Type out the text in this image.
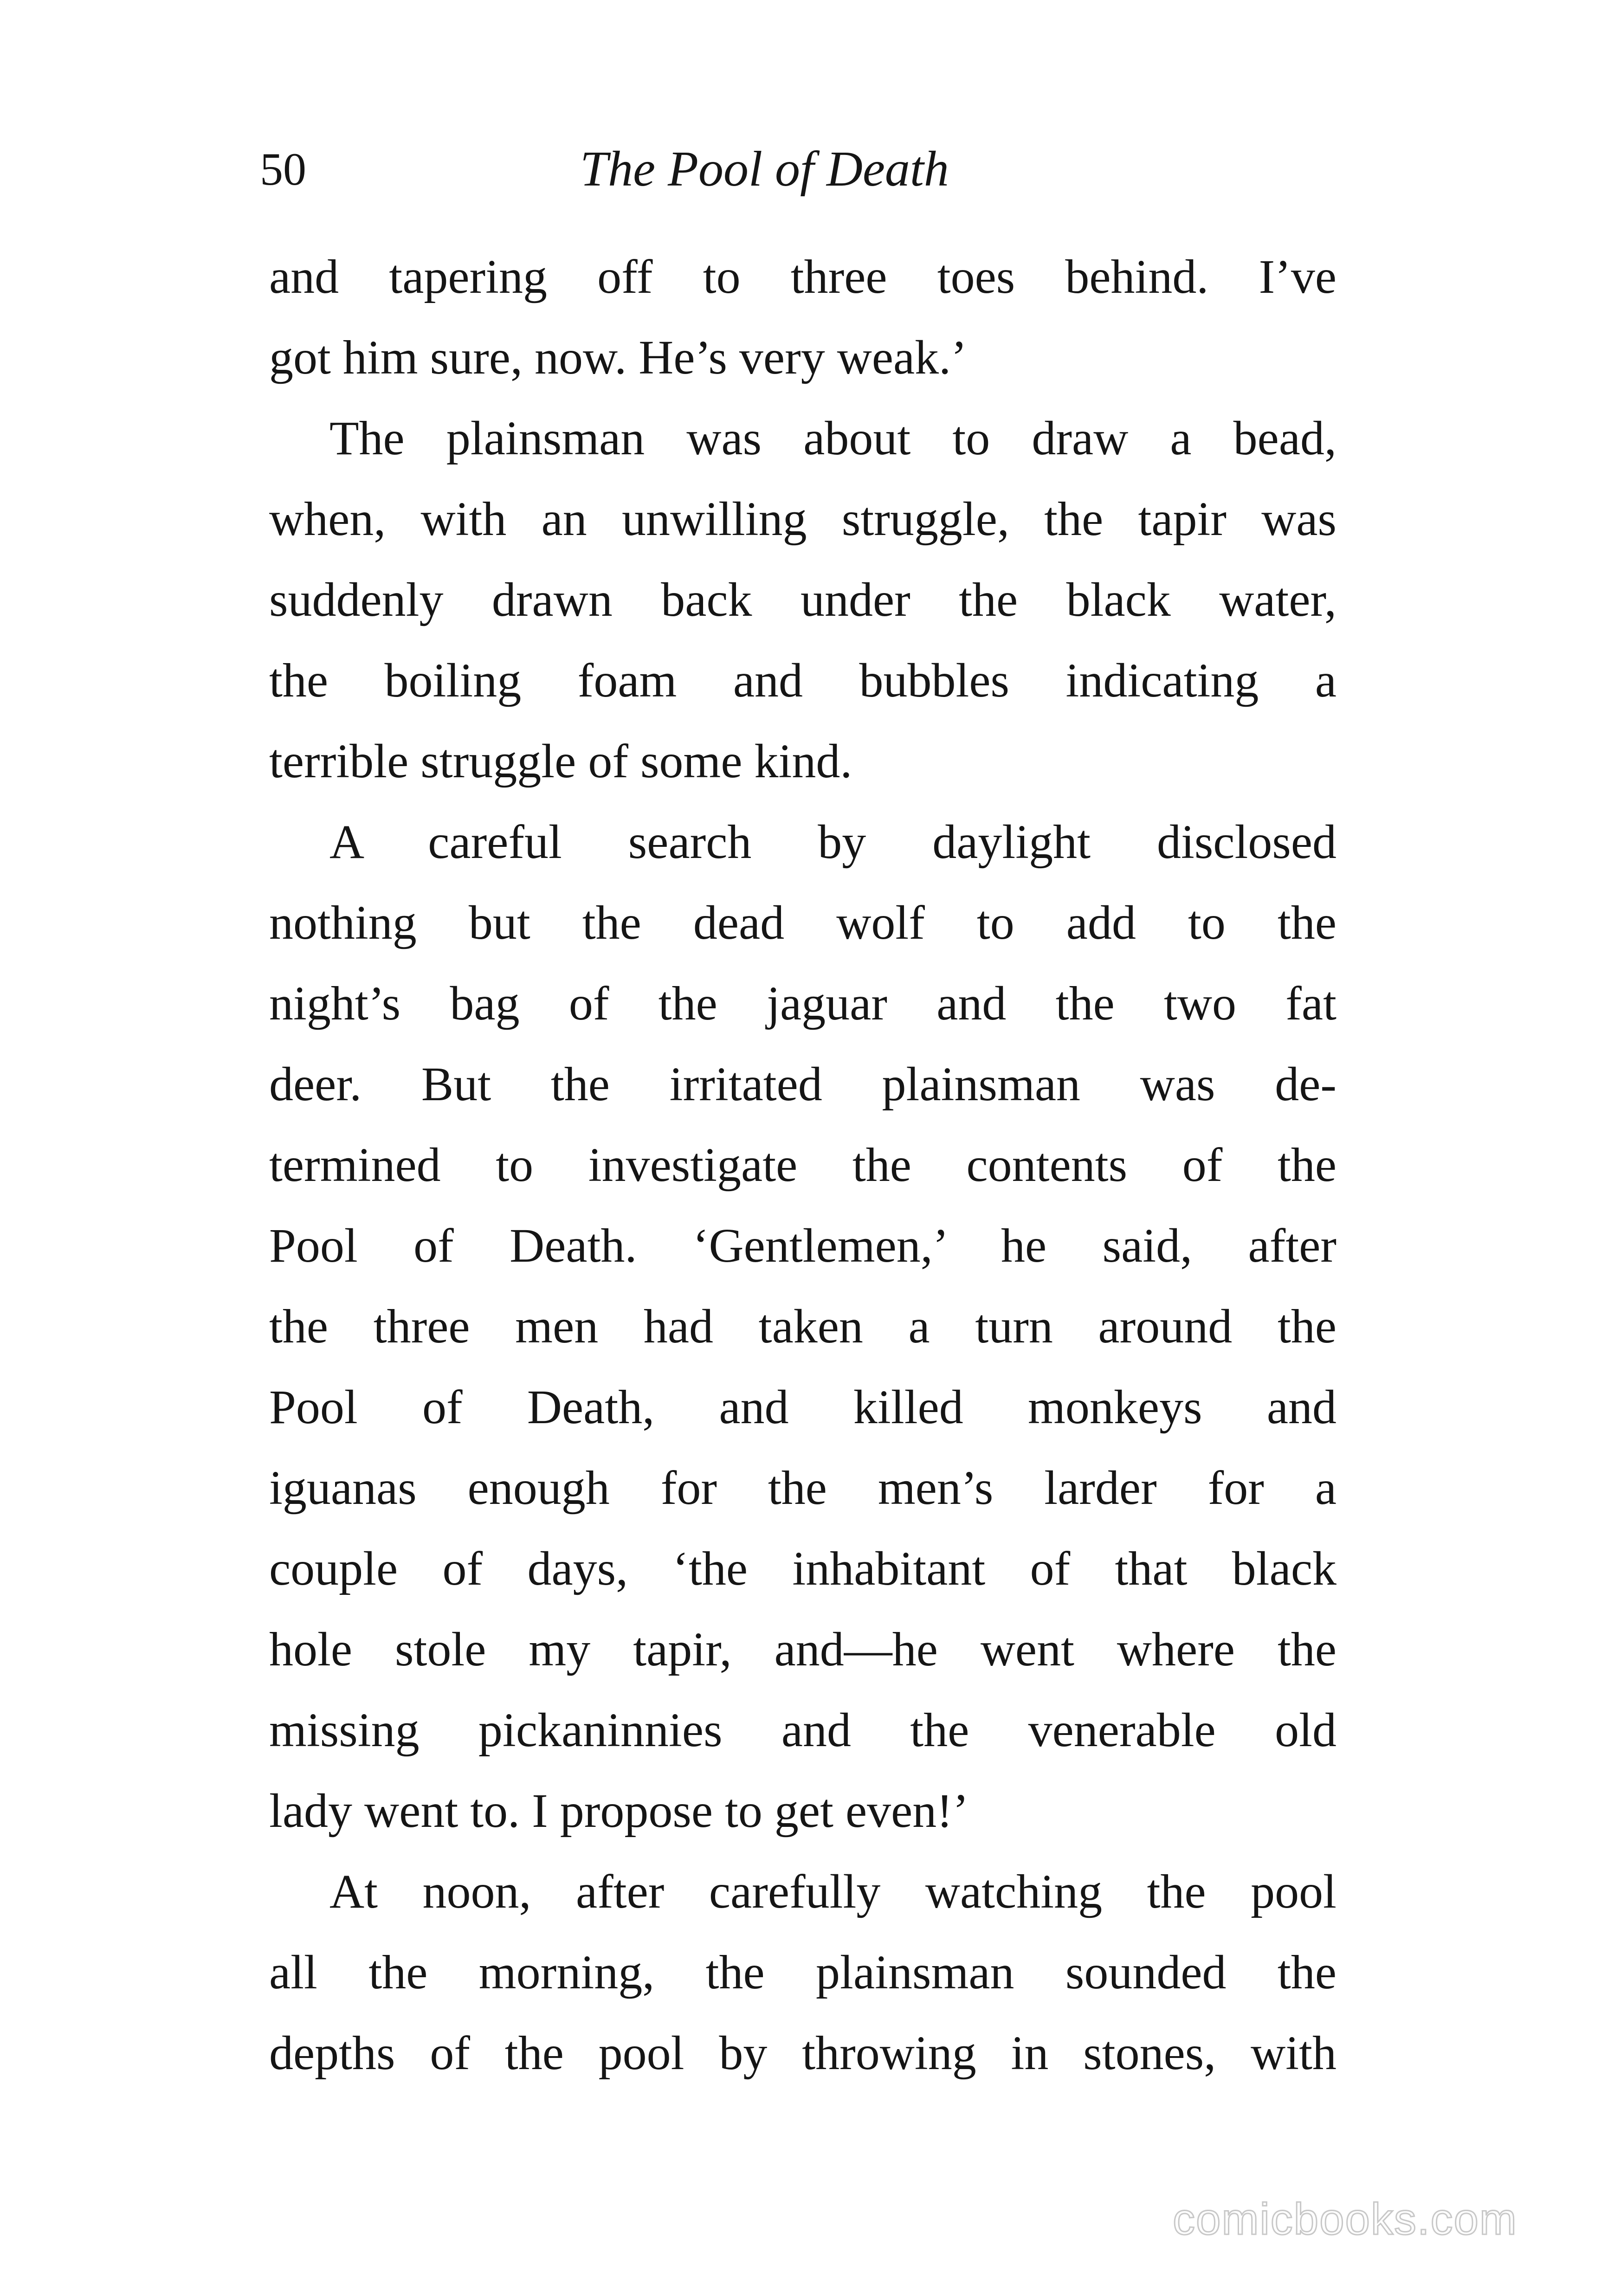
50	The Pool of Death
and tapering off to three toes behind. I’ve
got him sure, now. He’s very weak.’
The plainsman was about to draw a bead,
when, with an unwilling struggle, the tapir was
suddenly drawn back under the black water,
the boiling foam and bubbles indicating a
terrible struggle of some kind.
A careful search by daylight disclosed
nothing but the dead wolf to add to the
night’s bag of the jaguar and the two fat
deer. But the irritated plainsman was de-
termined to investigate the contents of the
Pool of Death. ‘Gentlemen,’ he said, after
the three men had taken a turn around the
Pool of Death, and killed monkeys and
iguanas enough for the men’s larder for a
couple of days, ‘the inhabitant of that black
hole stole my tapir, and—he went where the
missing pickaninnies and the venerable old
lady went to. I propose to get even!’
At noon, after carefully watching the pool
all the morning, the plainsman sounded the
depths of the pool by throwing in stones, with
comicbooks.com
